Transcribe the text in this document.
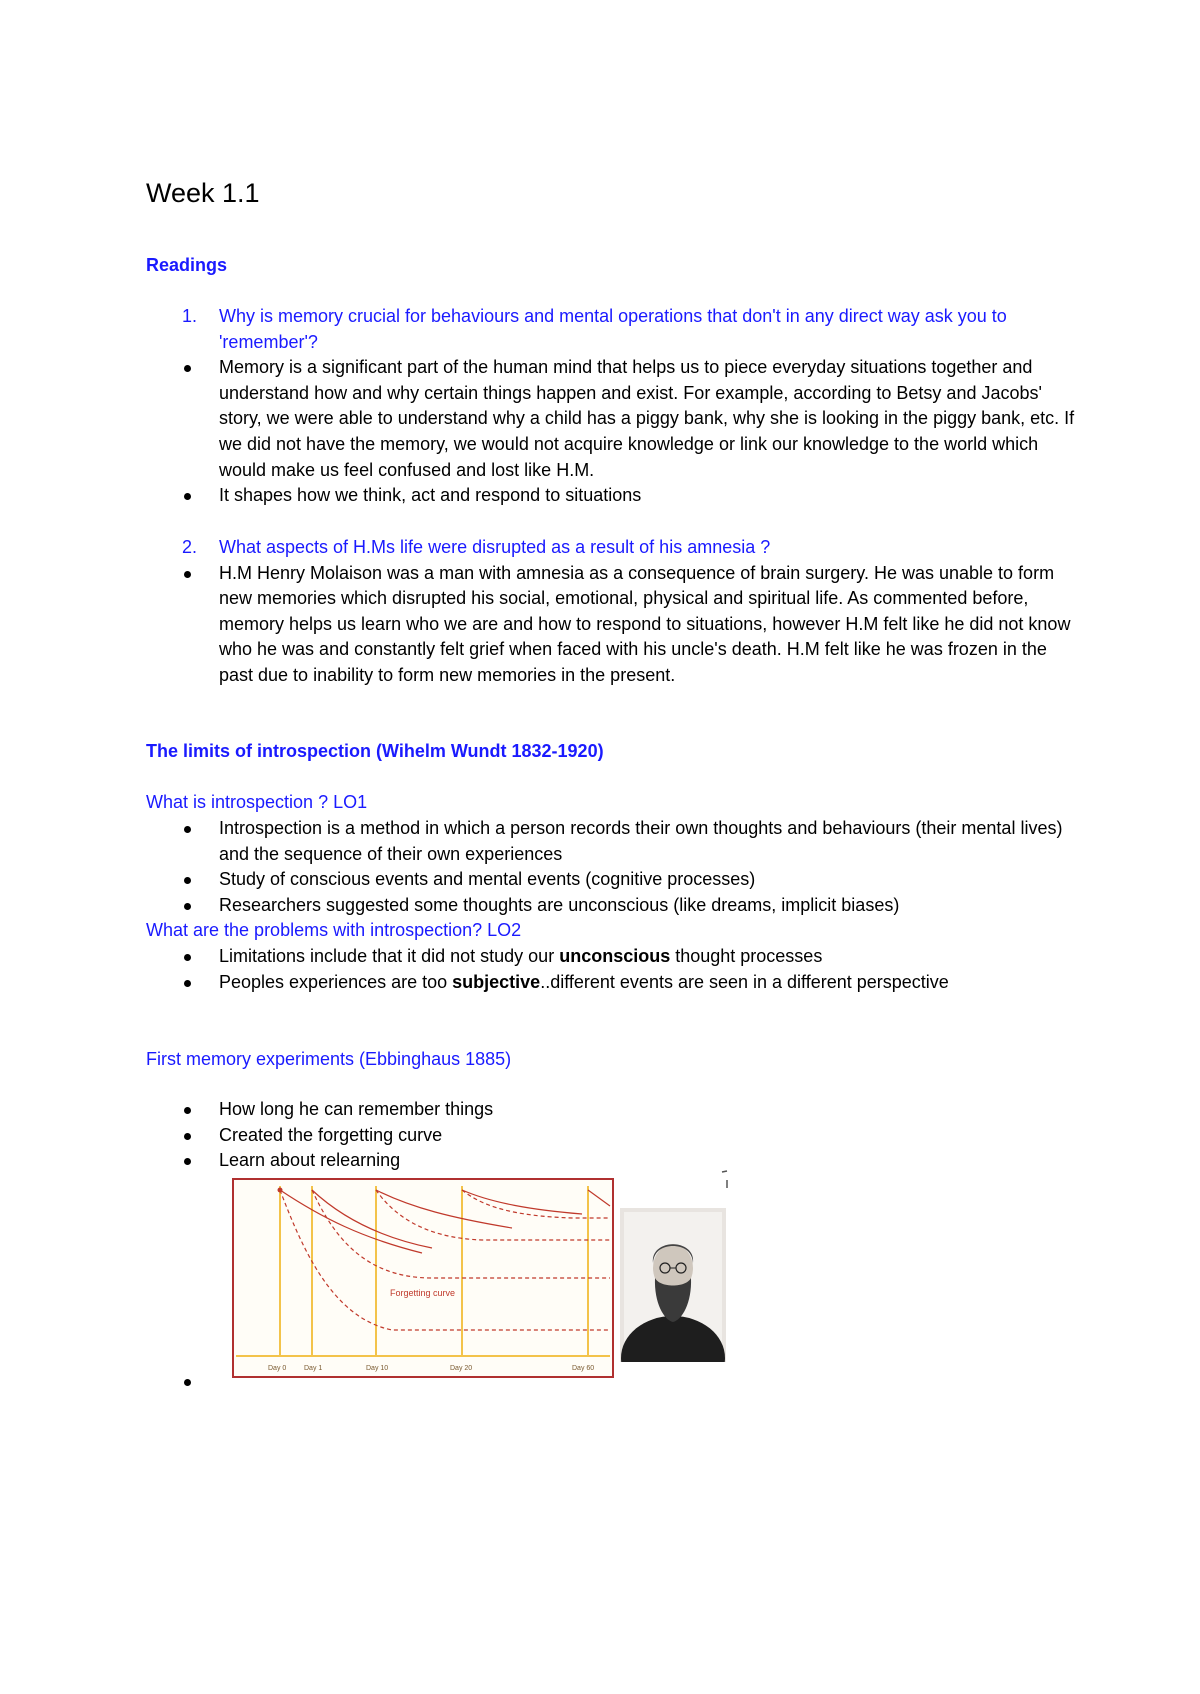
Week 1.1
Readings
1. Why is memory crucial for behaviours and mental operations that don't in any direct way ask you to 'remember'?
Memory is a significant part of the human mind that helps us to piece everyday situations together and understand how and why certain things happen and exist. For example, according to Betsy and Jacobs' story, we were able to understand why a child has a piggy bank, why she is looking in the piggy bank, etc. If we did not have the memory, we would not acquire knowledge or link our knowledge to the world which would make us feel confused and lost like H.M.
It shapes how we think, act and respond to situations
2. What aspects of H.Ms life were disrupted as a result of his amnesia ?
H.M Henry Molaison was a man with amnesia as a consequence of brain surgery. He was unable to form new memories which disrupted his social, emotional, physical and spiritual life. As commented before, memory helps us learn who we are and how to respond to situations, however H.M felt like he did not know who he was and constantly felt grief when faced with his uncle's death. H.M felt like he was frozen in the past due to inability to form new memories in the present.
The limits of introspection (Wihelm Wundt 1832-1920)
What is introspection ? LO1
Introspection is a method in which a person records their own thoughts and behaviours (their mental lives) and the sequence of their own experiences
Study of conscious events and mental events (cognitive processes)
Researchers suggested some thoughts are unconscious (like dreams, implicit biases)
What are the problems with introspection? LO2
Limitations include that it did not study our unconscious thought processes
Peoples experiences are too subjective..different events are seen in a different perspective
First memory experiments (Ebbinghaus 1885)
How long he can remember things
Created the forgetting curve
Learn about relearning
Forgetting curve
Day 0	Day 1	Day 10	Day 20	Day 60
